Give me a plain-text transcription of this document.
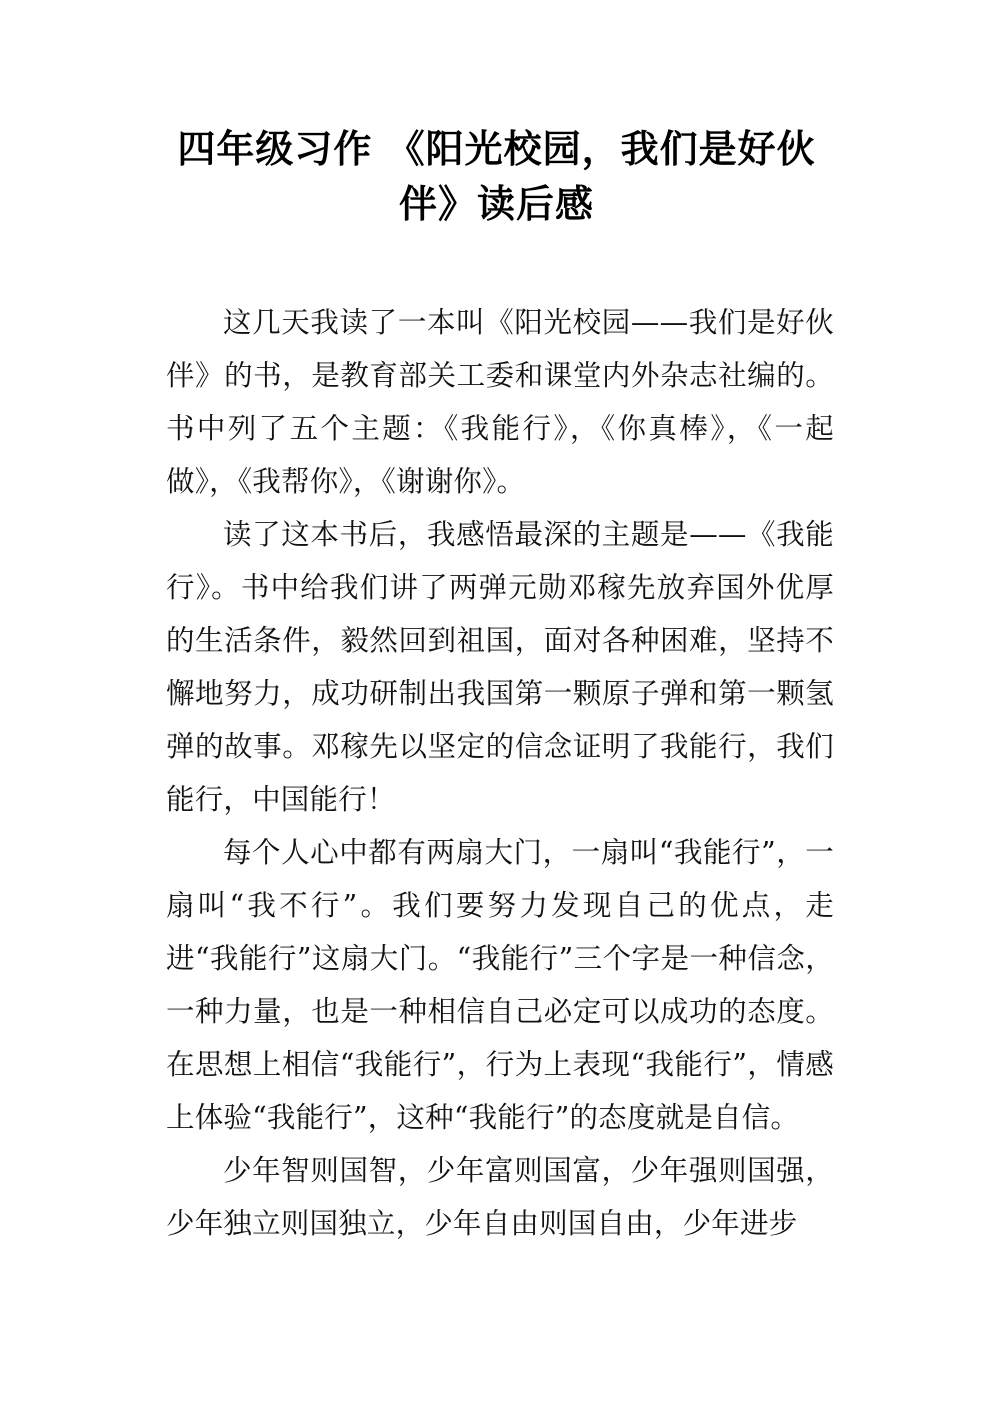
四年级习作 《阳光校园，我们是好伙伴》读后感

这几天我读了一本叫《阳光校园——我们是好伙伴》的书，是教育部关工委和课堂内外杂志社编的。书中列了五个主题：《我能行》，《你真棒》，《一起做》，《我帮你》，《谢谢你》。

读了这本书后，我感悟最深的主题是——《我能行》。书中给我们讲了两弹元勋邓稼先放弃国外优厚的生活条件，毅然回到祖国，面对各种困难，坚持不懈地努力，成功研制出我国第一颗原子弹和第一颗氢弹的故事。邓稼先以坚定的信念证明了我能行，我们能行，中国能行！

每个人心中都有两扇大门，一扇叫“我能行”，一扇叫“我不行”。我们要努力发现自己的优点，走进“我能行”这扇大门。“我能行”三个字是一种信念，一种力量，也是一种相信自己必定可以成功的态度。在思想上相信“我能行”，行为上表现“我能行”，情感上体验“我能行”，这种“我能行”的态度就是自信。

少年智则国智，少年富则国富，少年强则国强，少年独立则国独立，少年自由则国自由，少年进步
